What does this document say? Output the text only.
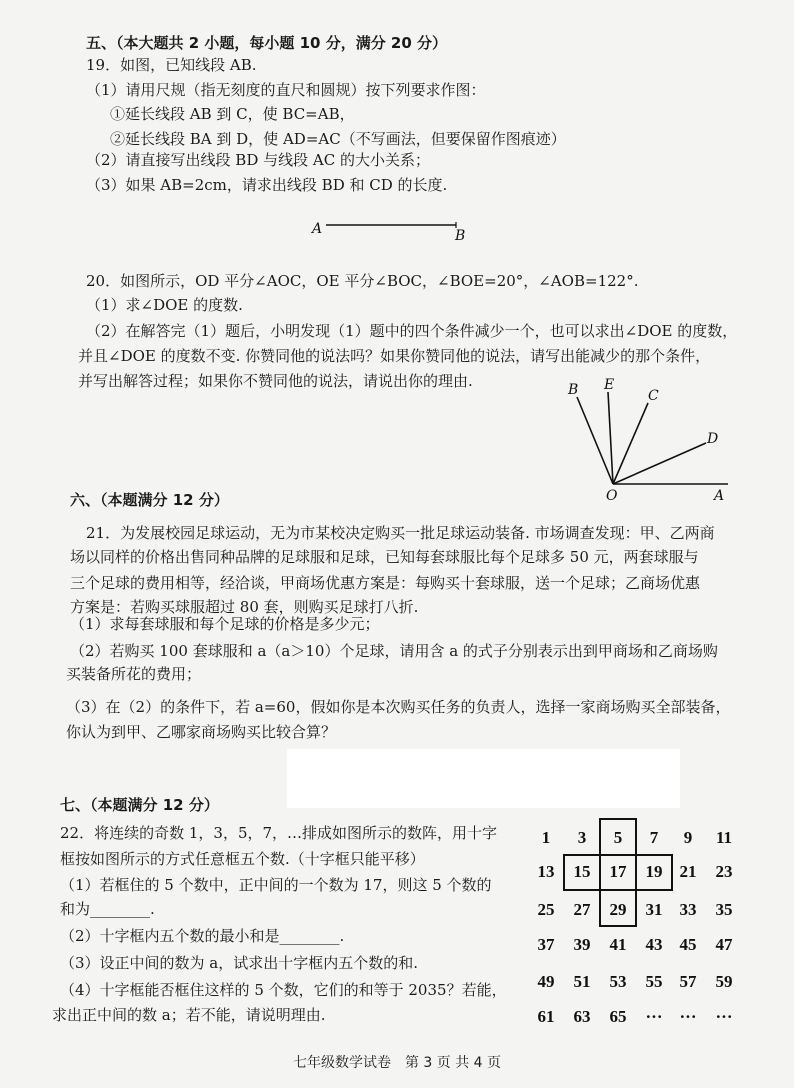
五、（本大题共 2 小题，每小题 10 分，满分 20 分）
19．如图，已知线段 AB.
（1）请用尺规（指无刻度的直尺和圆规）按下列要求作图：
①延长线段 AB 到 C，使 BC=AB，
②延长线段 BA 到 D，使 AD=AC（不写画法，但要保留作图痕迹）
（2）请直接写出线段 BD 与线段 AC 的大小关系；
（3）如果 AB=2cm，请求出线段 BD 和 CD 的长度.
20．如图所示，OD 平分∠AOC，OE 平分∠BOC，∠BOE=20°，∠AOB=122°.
（1）求∠DOE 的度数.
（2）在解答完（1）题后，小明发现（1）题中的四个条件减少一个，也可以求出∠DOE 的度数，
并且∠DOE 的度数不变. 你赞同他的说法吗？如果你赞同他的说法，请写出能减少的那个条件，
并写出解答过程；如果你不赞同他的说法，请说出你的理由.
六、（本题满分 12 分）
21．为发展校园足球运动，无为市某校决定购买一批足球运动装备. 市场调查发现：甲、乙两商
场以同样的价格出售同种品牌的足球服和足球，已知每套球服比每个足球多 50 元，两套球服与
三个足球的费用相等，经洽谈，甲商场优惠方案是：每购买十套球服，送一个足球；乙商场优惠
方案是：若购买球服超过 80 套，则购买足球打八折.
（1）求每套球服和每个足球的价格是多少元；
（2）若购买 100 套球服和 a（a＞10）个足球，请用含 a 的式子分别表示出到甲商场和乙商场购
买装备所花的费用；
（3）在（2）的条件下，若 a=60，假如你是本次购买任务的负责人，选择一家商场购买全部装备，
你认为到甲、乙哪家商场购买比较合算？
七、（本题满分 12 分）
22．将连续的奇数 1，3，5，7，…排成如图所示的数阵，用十字
框按如图所示的方式任意框五个数.（十字框只能平移）
（1）若框住的 5 个数中，正中间的一个数为 17，则这 5 个数的
和为________.
（2）十字框内五个数的最小和是________.
（3）设正中间的数为 a，试求出十字框内五个数的和.
（4）十字框能否框住这样的 5 个数，它们的和等于 2035？若能，
求出正中间的数 a；若不能，请说明理由.
A	B
B E
C
D
O	A
1 3 5 7 9 11
13 15 17 19 21 23
25 27 29 31 33 35
37 39 41 43 45 47
49 51 53 55 57 59
61 63 65 ··· ··· ···
七年级数学试卷　第 3 页 共 4 页
